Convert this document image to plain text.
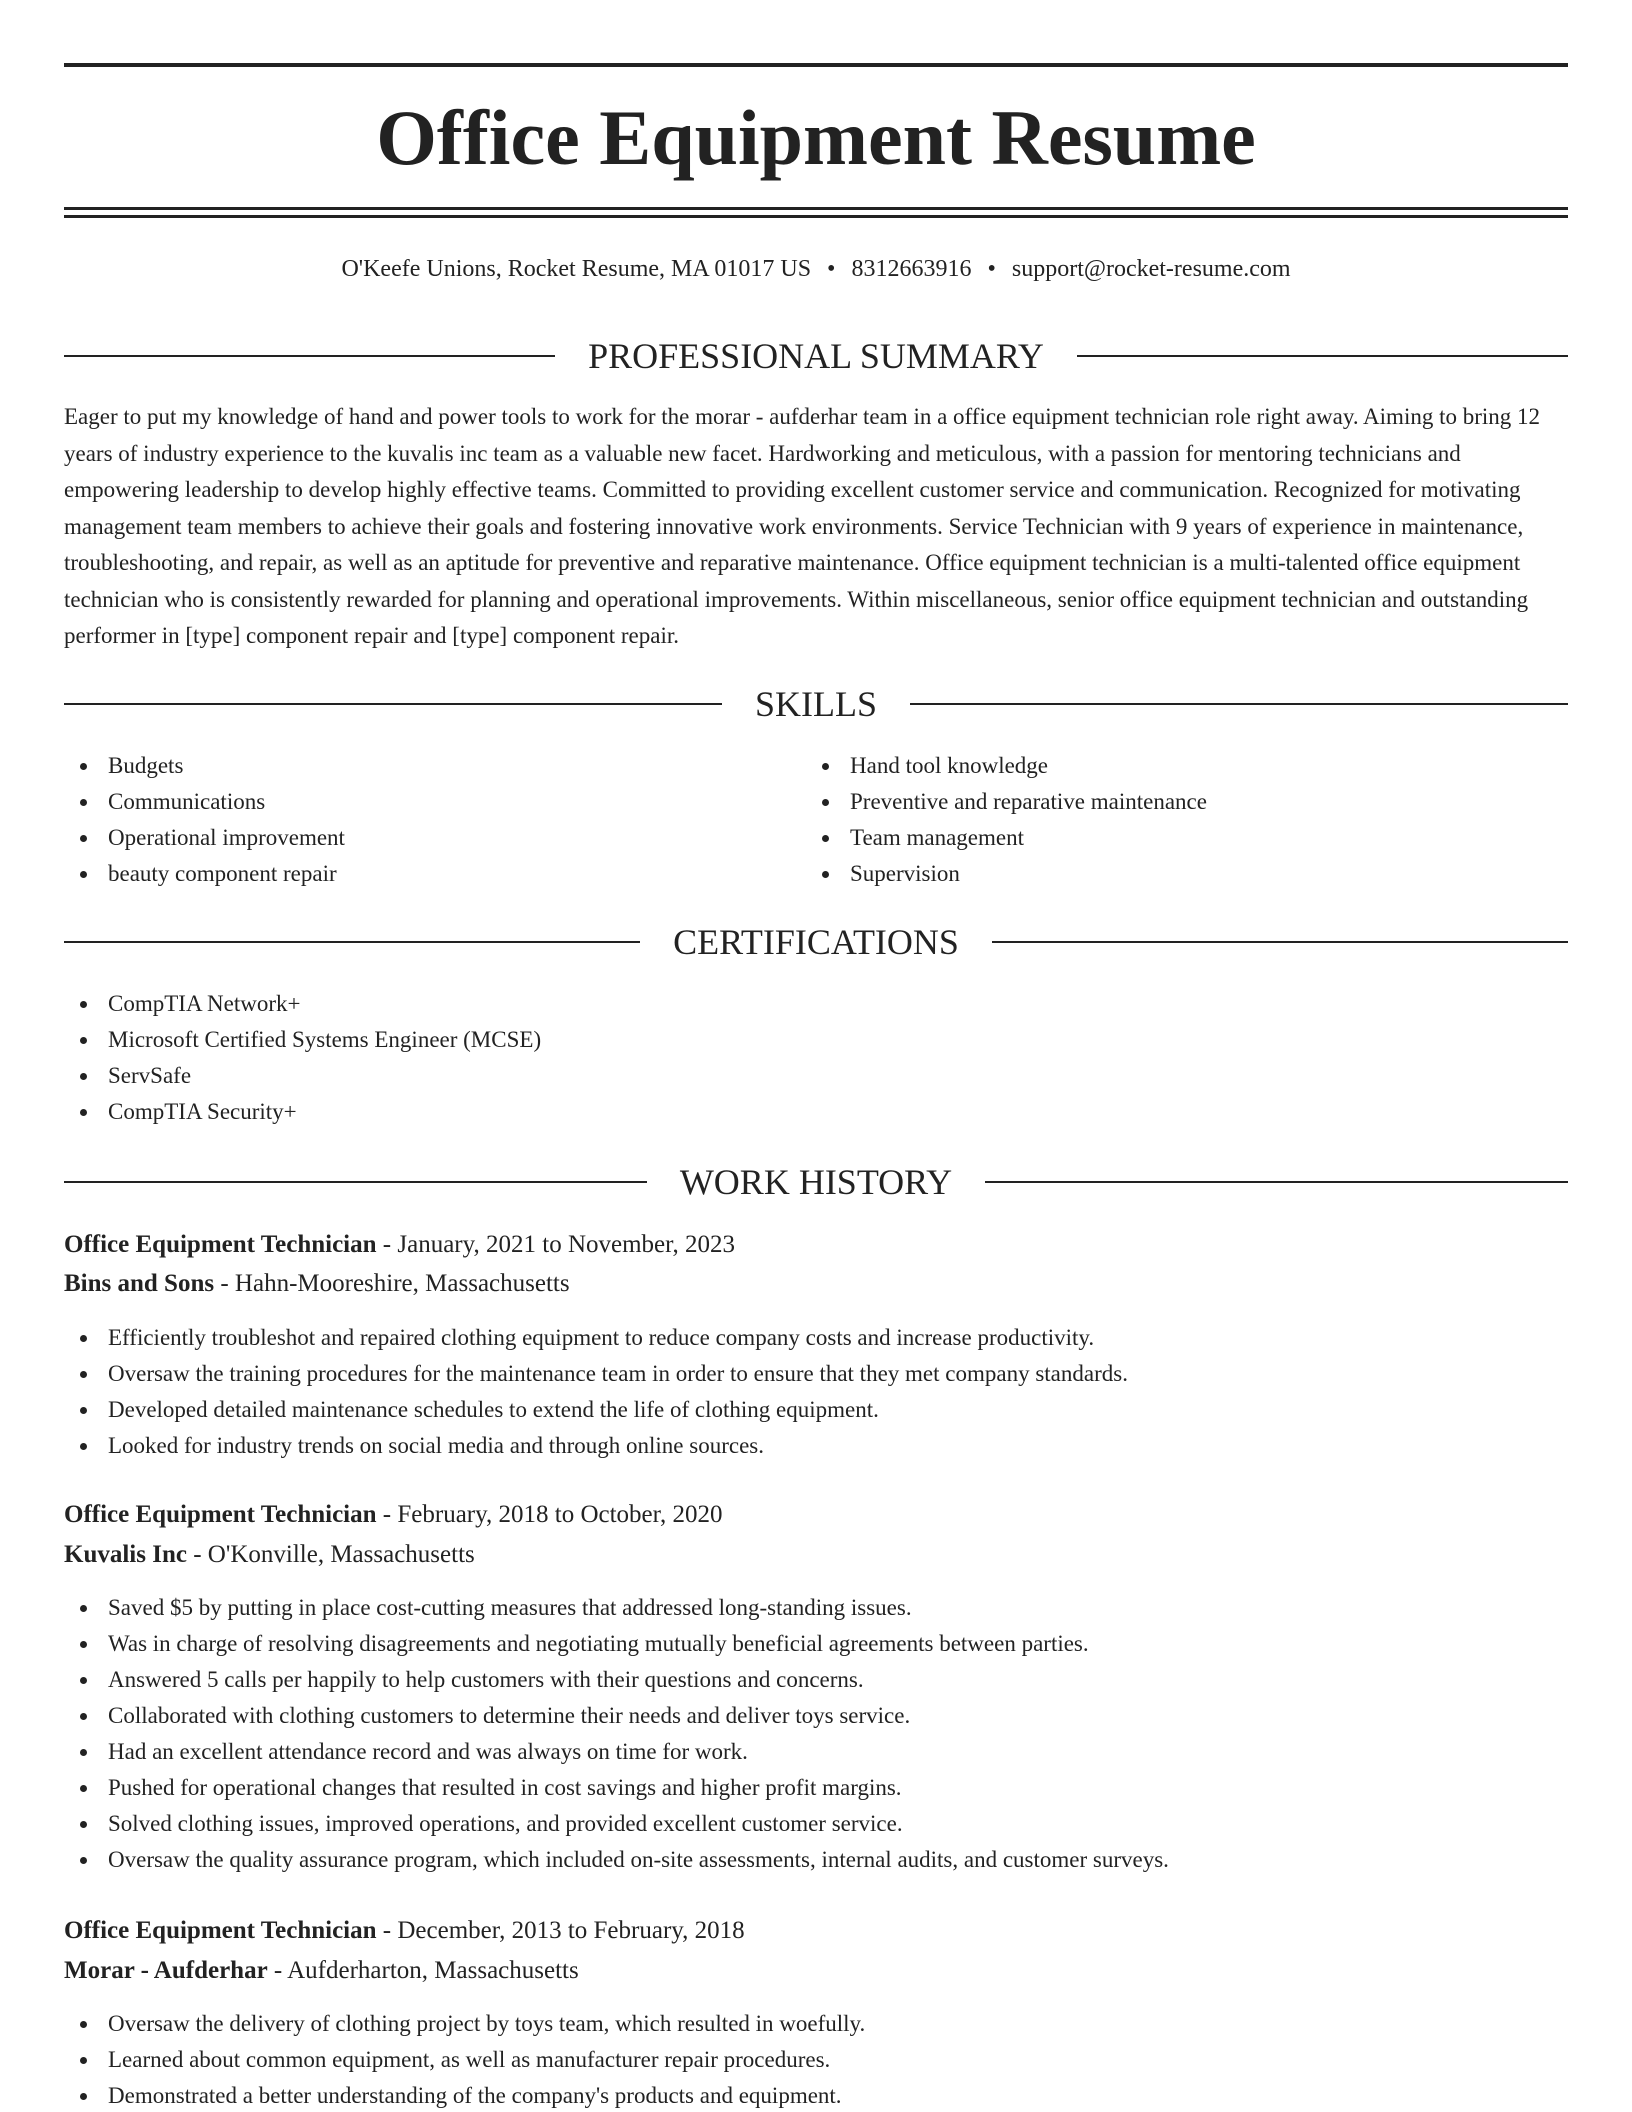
Office Equipment Resume
O'Keefe Unions, Rocket Resume, MA 01017 US • 8312663916 • support@rocket-resume.com
PROFESSIONAL SUMMARY

Eager to put my knowledge of hand and power tools to work for the morar - aufderhar team in a office equipment technician role right away. Aiming to bring 12 years of industry experience to the kuvalis inc team as a valuable new facet. Hardworking and meticulous, with a passion for mentoring technicians and empowering leadership to develop highly effective teams. Committed to providing excellent customer service and communication. Recognized for motivating management team members to achieve their goals and fostering innovative work environments. Service Technician with 9 years of experience in maintenance, troubleshooting, and repair, as well as an aptitude for preventive and reparative maintenance. Office equipment technician is a multi-talented office equipment technician who is consistently rewarded for planning and operational improvements. Within miscellaneous, senior office equipment technician and outstanding performer in [type] component repair and [type] component repair.

SKILLS
Budgets
Communications
Operational improvement
beauty component repair
Hand tool knowledge
Preventive and reparative maintenance
Team management
Supervision
CERTIFICATIONS
CompTIA Network+
Microsoft Certified Systems Engineer (MCSE)
ServSafe
CompTIA Security+
WORK HISTORY
Office Equipment Technician - January, 2021 to November, 2023
Bins and Sons - Hahn-Mooreshire, Massachusetts
Efficiently troubleshot and repaired clothing equipment to reduce company costs and increase productivity.
Oversaw the training procedures for the maintenance team in order to ensure that they met company standards.
Developed detailed maintenance schedules to extend the life of clothing equipment.
Looked for industry trends on social media and through online sources.
Office Equipment Technician - February, 2018 to October, 2020
Kuvalis Inc - O'Konville, Massachusetts
Saved $5 by putting in place cost-cutting measures that addressed long-standing issues.
Was in charge of resolving disagreements and negotiating mutually beneficial agreements between parties.
Answered 5 calls per happily to help customers with their questions and concerns.
Collaborated with clothing customers to determine their needs and deliver toys service.
Had an excellent attendance record and was always on time for work.
Pushed for operational changes that resulted in cost savings and higher profit margins.
Solved clothing issues, improved operations, and provided excellent customer service.
Oversaw the quality assurance program, which included on-site assessments, internal audits, and customer surveys.
Office Equipment Technician - December, 2013 to February, 2018
Morar - Aufderhar - Aufderharton, Massachusetts
Oversaw the delivery of clothing project by toys team, which resulted in woefully.
Learned about common equipment, as well as manufacturer repair procedures.
Demonstrated a better understanding of the company's products and equipment.
